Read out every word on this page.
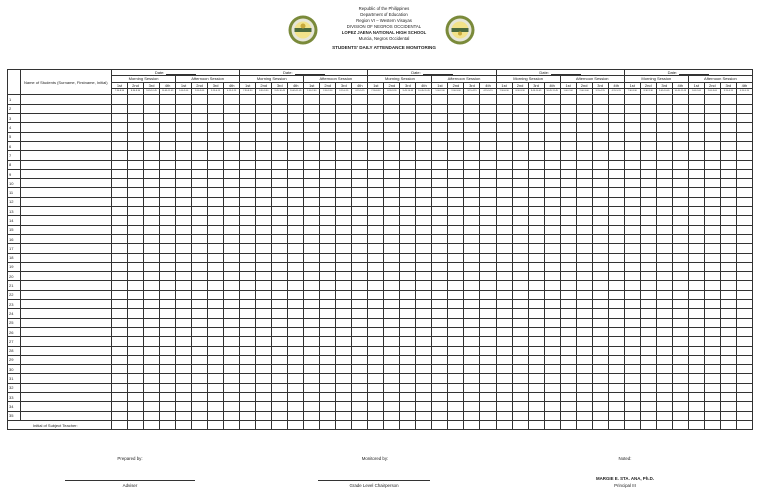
Republic of the Philippines

Department of Education

Region VI – Western Visayas

DIVISION OF NEGROS OCCIDENTAL

LOPEZ JAENA NATIONAL HIGH SCHOOL

Murcia, Negros Occidental

STUDENTS' DAILY ATTENDANCE MONITORING

	Name of Students (Surname, Firstname, Initial)	Date:								Date:								Date:								Date:								Date:							
		Morning Session				Afternoon Session				Morning Session				Afternoon Session				Morning Session				Afternoon Session				Morning Session				Afternoon Session				Morning Session				Afternoon Session			
		1st	2nd	3rd	4th	1st	2nd	3rd	4th	1st	2nd	3rd	4th	1st	2nd	3rd	4th	1st	2nd	3rd	4th	1st	2nd	3rd	4th	1st	2nd	3rd	4th	1st	2nd	3rd	4th	1st	2nd	3rd	4th	1st	2nd	3rd	4th
		7:30-8:30	8:30-9:30	9:45-10:45	10:45-11:45	1:00-2:00	2:00-3:00	3:15-4:15	4:15-5:15	7:30-8:30	8:30-9:30	9:45-10:45	10:45-11:45	1:00-2:00	2:00-3:00	3:15-4:15	4:15-5:15	7:30-8:30	8:30-9:30	9:45-10:45	10:45-11:45	1:00-2:00	2:00-3:00	3:15-4:15	4:15-5:15	7:30-8:30	8:30-9:30	9:45-10:45	10:45-11:45	1:00-2:00	2:00-3:00	3:15-4:15	4:15-5:15	7:30-8:30	8:30-9:30	9:45-10:45	10:45-11:45	1:00-2:00	2:00-3:00	3:15-4:15	4:15-5:15
1																																									
2																																									
3																																									
4																																									
5																																									
6																																									
7																																									
8																																									
9																																									
10																																									
11																																									
12																																									
13																																									
14																																									
15																																									
16																																									
17																																									
18																																									
19																																									
20																																									
21																																									
22																																									
23																																									
24																																									
25																																									
26																																									
27																																									
28																																									
29																																									
30																																									
31																																									
32																																									
33																																									
34																																									
35																																									
Initial of Subject Teacher:																																									
Prepared by:	Monitored by:	Noted:
Adviser	Grade Level Chairperson
MARGIE E. STA. ANA, Ph.D.
Principal III
